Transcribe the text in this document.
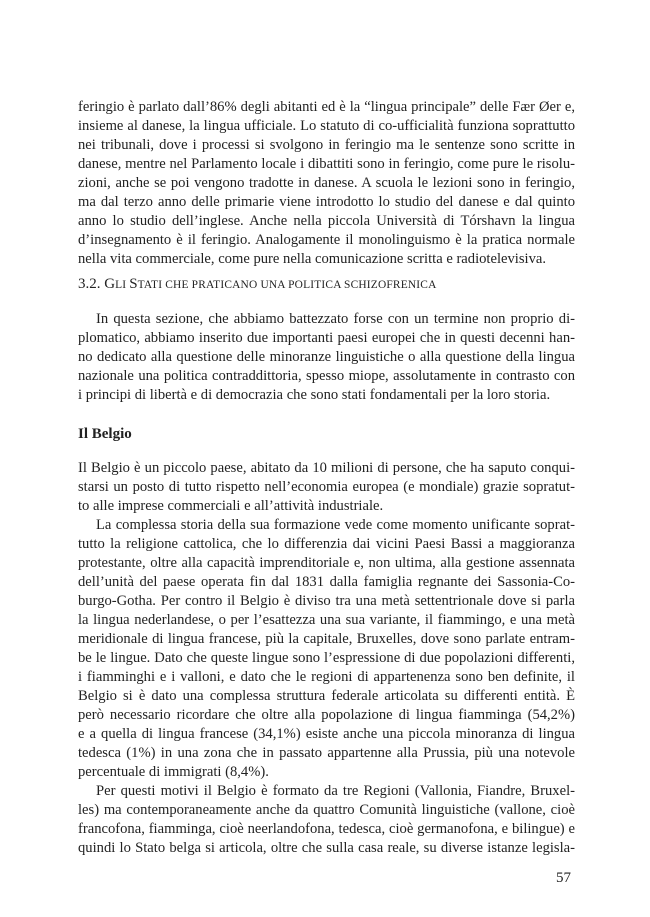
feringio è parlato dall’86% degli abitanti ed è la “lingua principale” delle Fær Øer e,
insieme al danese, la lingua ufficiale. Lo statuto di co-ufficialità funziona soprattutto
nei tribunali, dove i processi si svolgono in feringio ma le sentenze sono scritte in
danese, mentre nel Parlamento locale i dibattiti sono in feringio, come pure le risolu-
zioni, anche se poi vengono tradotte in danese. A scuola le lezioni sono in feringio,
ma dal terzo anno delle primarie viene introdotto lo studio del danese e dal quinto
anno lo studio dell’inglese. Anche nella piccola Università di Tórshavn la lingua
d’insegnamento è il feringio. Analogamente il monolinguismo è la pratica normale
nella vita commerciale, come pure nella comunicazione scritta e radiotelevisiva.
3.2. GLI STATI CHE PRATICANO UNA POLITICA SCHIZOFRENICA
In questa sezione, che abbiamo battezzato forse con un termine non proprio di-
plomatico, abbiamo inserito due importanti paesi europei che in questi decenni han-
no dedicato alla questione delle minoranze linguistiche o alla questione della lingua
nazionale una politica contraddittoria, spesso miope, assolutamente in contrasto con
i principi di libertà e di democrazia che sono stati fondamentali per la loro storia.
Il Belgio
Il Belgio è un piccolo paese, abitato da 10 milioni di persone, che ha saputo conqui-
starsi un posto di tutto rispetto nell’economia europea (e mondiale) grazie sopratut-
to alle imprese commerciali e all’attività industriale.
La complessa storia della sua formazione vede come momento unificante soprat-
tutto la religione cattolica, che lo differenzia dai vicini Paesi Bassi a maggioranza
protestante, oltre alla capacità imprenditoriale e, non ultima, alla gestione assennata
dell’unità del paese operata fin dal 1831 dalla famiglia regnante dei Sassonia-Co-
burgo-Gotha. Per contro il Belgio è diviso tra una metà settentrionale dove si parla
la lingua nederlandese, o per l’esattezza una sua variante, il fiammingo, e una metà
meridionale di lingua francese, più la capitale, Bruxelles, dove sono parlate entram-
be le lingue. Dato che queste lingue sono l’espressione di due popolazioni differenti,
i fiamminghi e i valloni, e dato che le regioni di appartenenza sono ben definite, il
Belgio si è dato una complessa struttura federale articolata su differenti entità. È
però necessario ricordare che oltre alla popolazione di lingua fiamminga (54,2%)
e a quella di lingua francese (34,1%) esiste anche una piccola minoranza di lingua
tedesca (1%) in una zona che in passato appartenne alla Prussia, più una notevole
percentuale di immigrati (8,4%).
Per questi motivi il Belgio è formato da tre Regioni (Vallonia, Fiandre, Bruxel-
les) ma contemporaneamente anche da quattro Comunità linguistiche (vallone, cioè
francofona, fiamminga, cioè neerlandofona, tedesca, cioè germanofona, e bilingue) e
quindi lo Stato belga si articola, oltre che sulla casa reale, su diverse istanze legisla-
57
